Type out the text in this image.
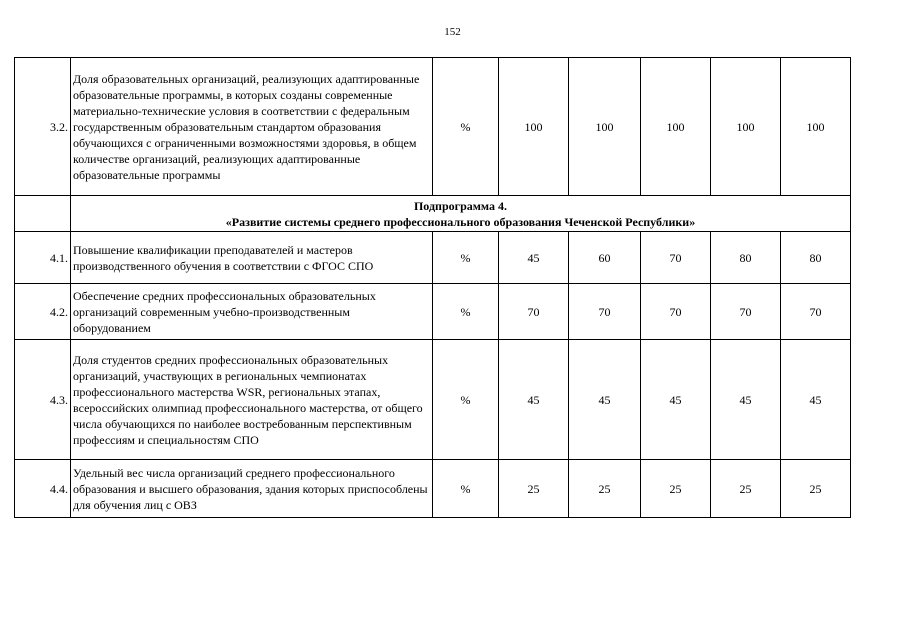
152
3.2.	Доля образовательных организаций, реализующих адаптированные образовательные программы, в которых созданы современные материально-технические условия в соответствии с федеральным государственным образовательным стандартом образования обучающихся с ограниченными возможностями здоровья, в общем количестве организаций, реализующих адаптированные образовательные программы	%	100	100	100	100	100

	Подпрограмма 4.
«Развитие системы среднего профессионального образования Чеченской Республики»						

4.1.	Повышение квалификации преподавателей и мастеров производственного обучения в соответствии с ФГОС СПО	%	45	60	70	80	80
4.2.	Обеспечение средних профессиональных образовательных организаций современным учебно-производственным оборудованием	%	70	70	70	70	70
4.3.	Доля студентов средних профессиональных образовательных организаций, участвующих в региональных чемпионатах профессионального мастерства WSR, региональных этапах, всероссийских олимпиад профессионального мастерства, от общего числа обучающихся по наиболее востребованным перспективным профессиям и специальностям СПО	%	45	45	45	45	45
4.4.	Удельный вес числа организаций среднего профессионального образования и высшего образования, здания которых приспособлены для обучения лиц с ОВЗ	%	25	25	25	25	25
